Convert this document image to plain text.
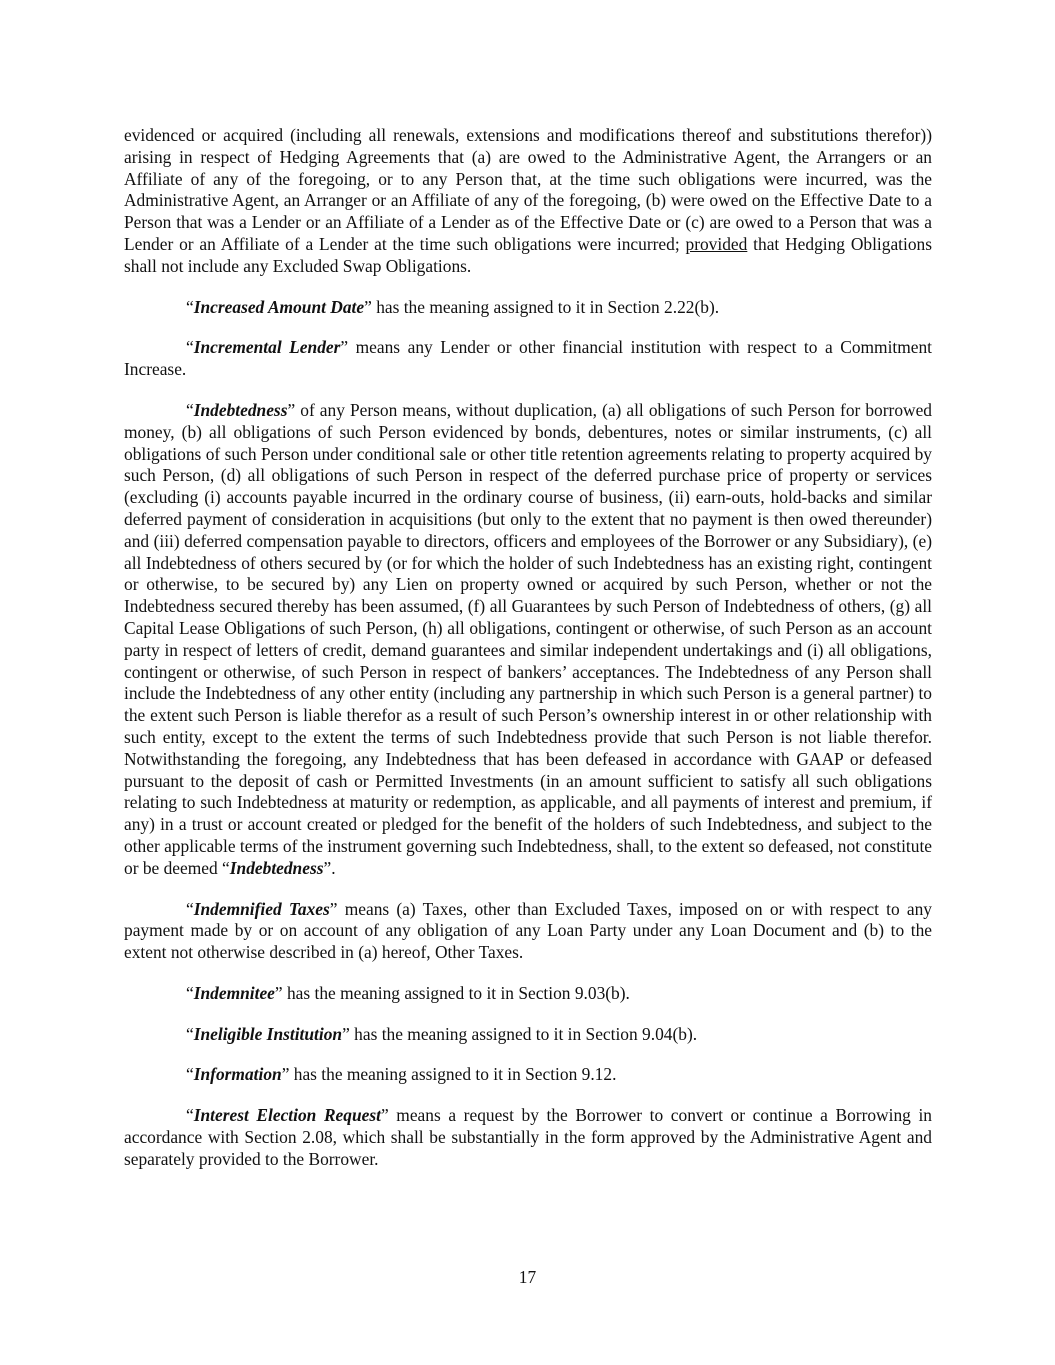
evidenced or acquired (including all renewals, extensions and modifications thereof and substitutions therefor)) arising in respect of Hedging Agreements that (a) are owed to the Administrative Agent, the Arrangers or an Affiliate of any of the foregoing, or to any Person that, at the time such obligations were incurred, was the Administrative Agent, an Arranger or an Affiliate of any of the foregoing, (b) were owed on the Effective Date to a Person that was a Lender or an Affiliate of a Lender as of the Effective Date or (c) are owed to a Person that was a Lender or an Affiliate of a Lender at the time such obligations were incurred; provided that Hedging Obligations shall not include any Excluded Swap Obligations.

“Increased Amount Date” has the meaning assigned to it in Section 2.22(b).

“Incremental Lender” means any Lender or other financial institution with respect to a Commitment Increase.

“Indebtedness” of any Person means, without duplication, (a) all obligations of such Person for borrowed money, (b) all obligations of such Person evidenced by bonds, debentures, notes or similar instruments, (c) all obligations of such Person under conditional sale or other title retention agreements relating to property acquired by such Person, (d) all obligations of such Person in respect of the deferred purchase price of property or services (excluding (i) accounts payable incurred in the ordinary course of business, (ii) earn-outs, hold-backs and similar deferred payment of consideration in acquisitions (but only to the extent that no payment is then owed thereunder) and (iii) deferred compensation payable to directors, officers and employees of the Borrower or any Subsidiary), (e) all Indebtedness of others secured by (or for which the holder of such Indebtedness has an existing right, contingent or otherwise, to be secured by) any Lien on property owned or acquired by such Person, whether or not the Indebtedness secured thereby has been assumed, (f) all Guarantees by such Person of Indebtedness of others, (g) all Capital Lease Obligations of such Person, (h) all obligations, contingent or otherwise, of such Person as an account party in respect of letters of credit, demand guarantees and similar independent undertakings and (i) all obligations, contingent or otherwise, of such Person in respect of bankers’ acceptances. The Indebtedness of any Person shall include the Indebtedness of any other entity (including any partnership in which such Person is a general partner) to the extent such Person is liable therefor as a result of such Person’s ownership interest in or other relationship with such entity, except to the extent the terms of such Indebtedness provide that such Person is not liable therefor. Notwithstanding the foregoing, any Indebtedness that has been defeased in accordance with GAAP or defeased pursuant to the deposit of cash or Permitted Investments (in an amount sufficient to satisfy all such obligations relating to such Indebtedness at maturity or redemption, as applicable, and all payments of interest and premium, if any) in a trust or account created or pledged for the benefit of the holders of such Indebtedness, and subject to the other applicable terms of the instrument governing such Indebtedness, shall, to the extent so defeased, not constitute or be deemed “Indebtedness”.

“Indemnified Taxes” means (a) Taxes, other than Excluded Taxes, imposed on or with respect to any payment made by or on account of any obligation of any Loan Party under any Loan Document and (b) to the extent not otherwise described in (a) hereof, Other Taxes.

“Indemnitee” has the meaning assigned to it in Section 9.03(b).

“Ineligible Institution” has the meaning assigned to it in Section 9.04(b).

“Information” has the meaning assigned to it in Section 9.12.

“Interest Election Request” means a request by the Borrower to convert or continue a Borrowing in accordance with Section 2.08, which shall be substantially in the form approved by the Administrative Agent and separately provided to the Borrower.

17
